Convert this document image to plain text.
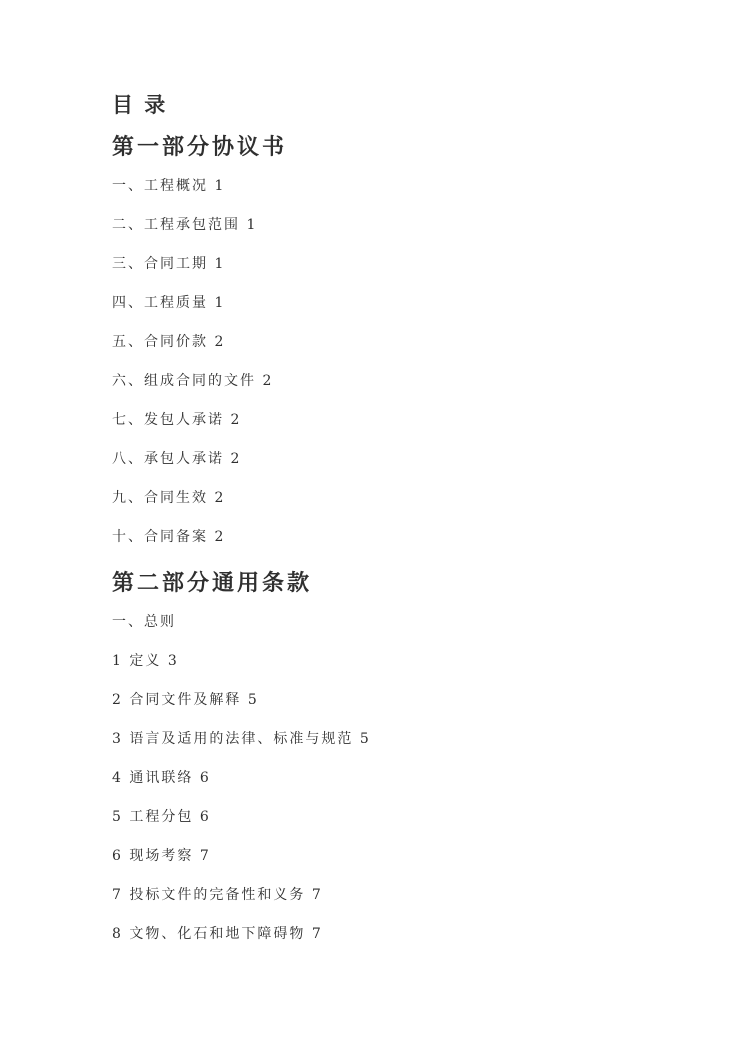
目 录
第一部分协议书

一、工程概况 1

二、工程承包范围 1

三、合同工期 1

四、工程质量 1

五、合同价款 2

六、组成合同的文件 2

七、发包人承诺 2

八、承包人承诺 2

九、合同生效 2

十、合同备案 2

第二部分通用条款

一、总则

1 定义 3

2 合同文件及解释 5

3 语言及适用的法律、标准与规范 5

4 通讯联络 6

5 工程分包 6

6 现场考察 7

7 投标文件的完备性和义务 7

8 文物、化石和地下障碍物 7
